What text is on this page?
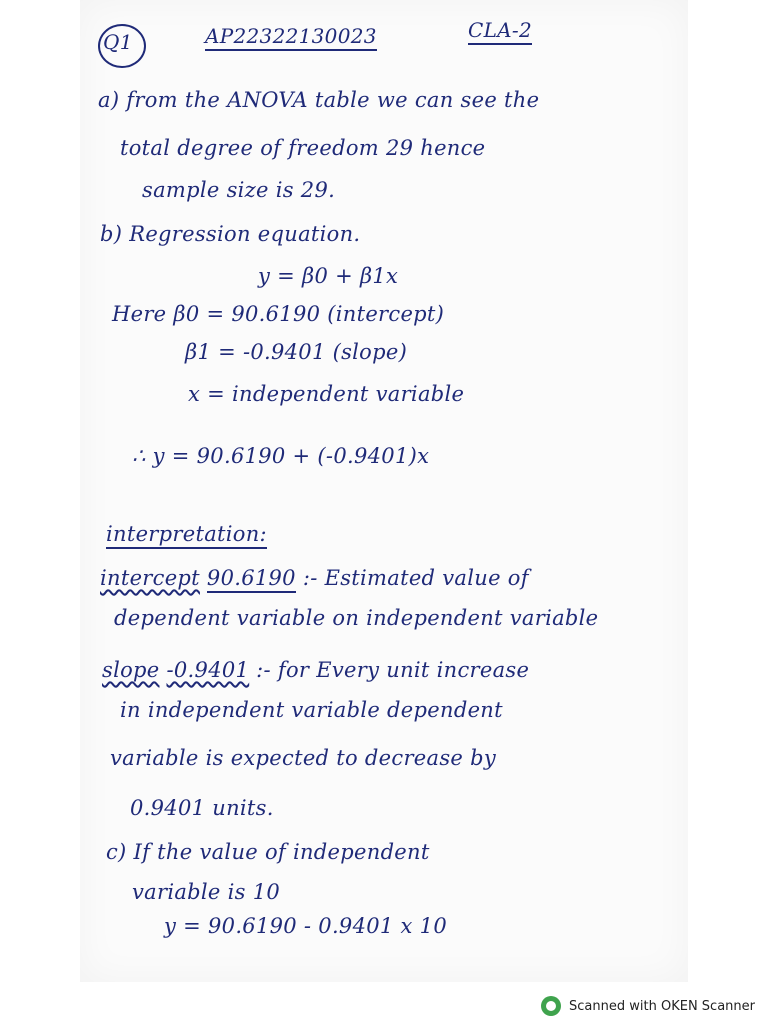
Q1	AP22322130023	CLA-2
a) from the ANOVA table we can see the
total degree of freedom 29 hence
sample size is 29.
b) Regression equation.
y = β0 + β1x
Here β0 = 90.6190 (intercept)
β1 = -0.9401 (slope)
x = independent variable
∴ y = 90.6190 + (-0.9401)x
interpretation:
intercept 90.6190 :- Estimated value of
dependent variable on independent variable
slope -0.9401 :- for Every unit increase
in independent variable dependent
variable is expected to decrease by
0.9401 units.
c) If the value of independent
variable is 10
y = 90.6190 - 0.9401 x 10
Scanned with OKEN Scanner
